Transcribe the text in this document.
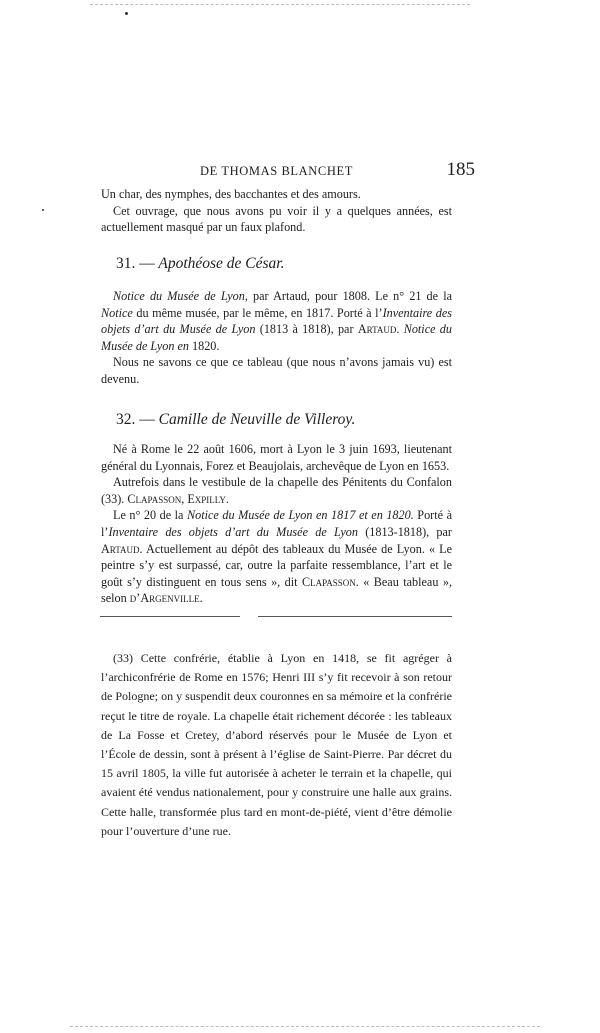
DE THOMAS BLANCHET	185

Un char, des nymphes, des bacchantes et des amours.

Cet ouvrage, que nous avons pu voir il y a quelques années, est actuellement masqué par un faux plafond.

31. — Apothéose de César.

Notice du Musée de Lyon, par Artaud, pour 1808. Le n° 21 de la Notice du même musée, par le même, en 1817. Porté à l’Inventaire des objets d’art du Musée de Lyon (1813 à 1818), par Artaud. Notice du Musée de Lyon en 1820.

Nous ne savons ce que ce tableau (que nous n’avons jamais vu) est devenu.

32. — Camille de Neuville de Villeroy.

Né à Rome le 22 août 1606, mort à Lyon le 3 juin 1693, lieutenant général du Lyonnais, Forez et Beaujolais, archevêque de Lyon en 1653.

Autrefois dans le vestibule de la chapelle des Pénitents du Confalon (33). Clapasson, Expilly.

Le n° 20 de la Notice du Musée de Lyon en 1817 et en 1820. Porté à l’Inventaire des objets d’art du Musée de Lyon (1813-1818), par Artaud. Actuellement au dépôt des tableaux du Musée de Lyon. « Le peintre s’y est surpassé, car, outre la parfaite ressemblance, l’art et le goût s’y distinguent en tous sens », dit Clapasson. « Beau tableau », selon d’Argenville.

(33) Cette confrérie, établie à Lyon en 1418, se fit agréger à l’archiconfrérie de Rome en 1576; Henri III s’y fit recevoir à son retour de Pologne; on y suspendit deux couronnes en sa mémoire et la confrérie reçut le titre de royale. La chapelle était richement décorée : les tableaux de La Fosse et Cretey, d’abord réservés pour le Musée de Lyon et l’École de dessin, sont à présent à l’église de Saint-Pierre. Par décret du 15 avril 1805, la ville fut autorisée à acheter le terrain et la chapelle, qui avaient été vendus nationalement, pour y construire une halle aux grains. Cette halle, transformée plus tard en mont-de-piété, vient d’être démolie pour l’ouverture d’une rue.
